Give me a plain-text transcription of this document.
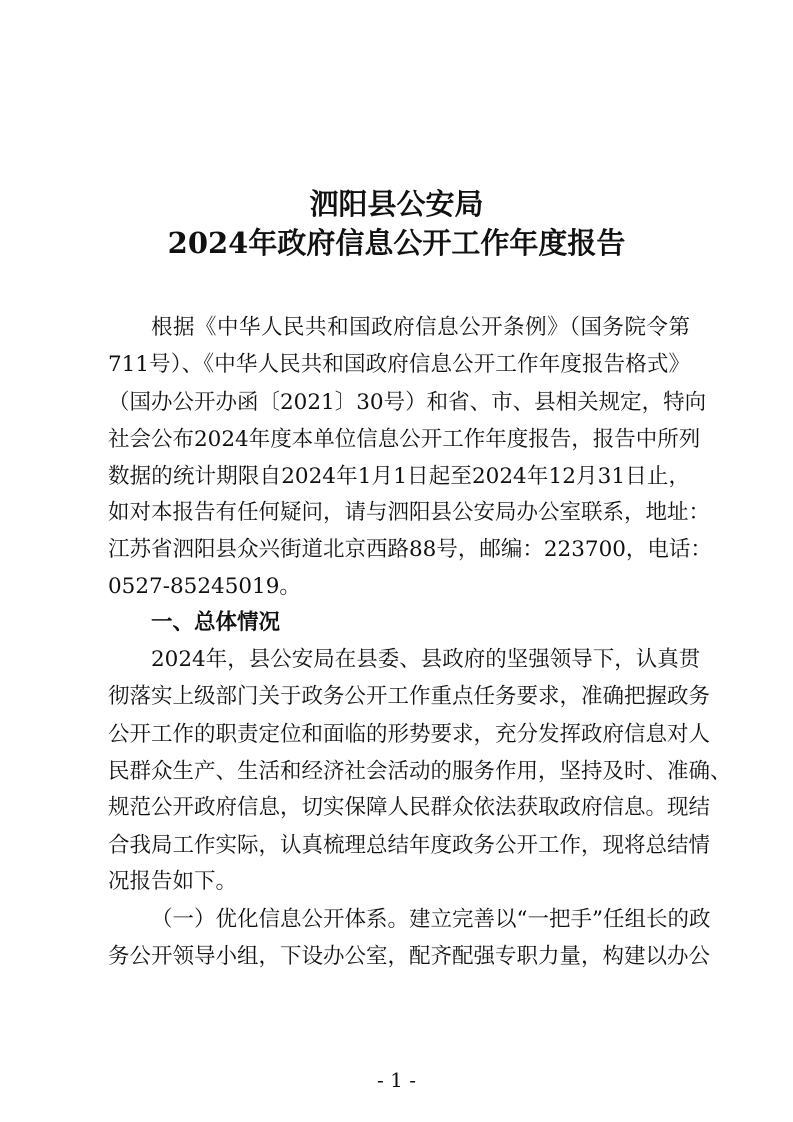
泗阳县公安局
2024年政府信息公开工作年度报告
根据《中华人民共和国政府信息公开条例》（国务院令第
711号）、《中华人民共和国政府信息公开工作年度报告格式》
（国办公开办函〔2021〕30号）和省、市、县相关规定，特向
社会公布2024年度本单位信息公开工作年度报告，报告中所列
数据的统计期限自2024年1月1日起至2024年12月31日止，
如对本报告有任何疑问，请与泗阳县公安局办公室联系，地址：
江苏省泗阳县众兴街道北京西路88号，邮编：223700，电话：
0527-85245019。
一、总体情况
2024年，县公安局在县委、县政府的坚强领导下，认真贯
彻落实上级部门关于政务公开工作重点任务要求，准确把握政务
公开工作的职责定位和面临的形势要求，充分发挥政府信息对人
民群众生产、生活和经济社会活动的服务作用，坚持及时、准确、
规范公开政府信息，切实保障人民群众依法获取政府信息。现结
合我局工作实际，认真梳理总结年度政务公开工作，现将总结情
况报告如下。
（一）优化信息公开体系。建立完善以“一把手”任组长的政
务公开领导小组，下设办公室，配齐配强专职力量，构建以办公
- 1 -
